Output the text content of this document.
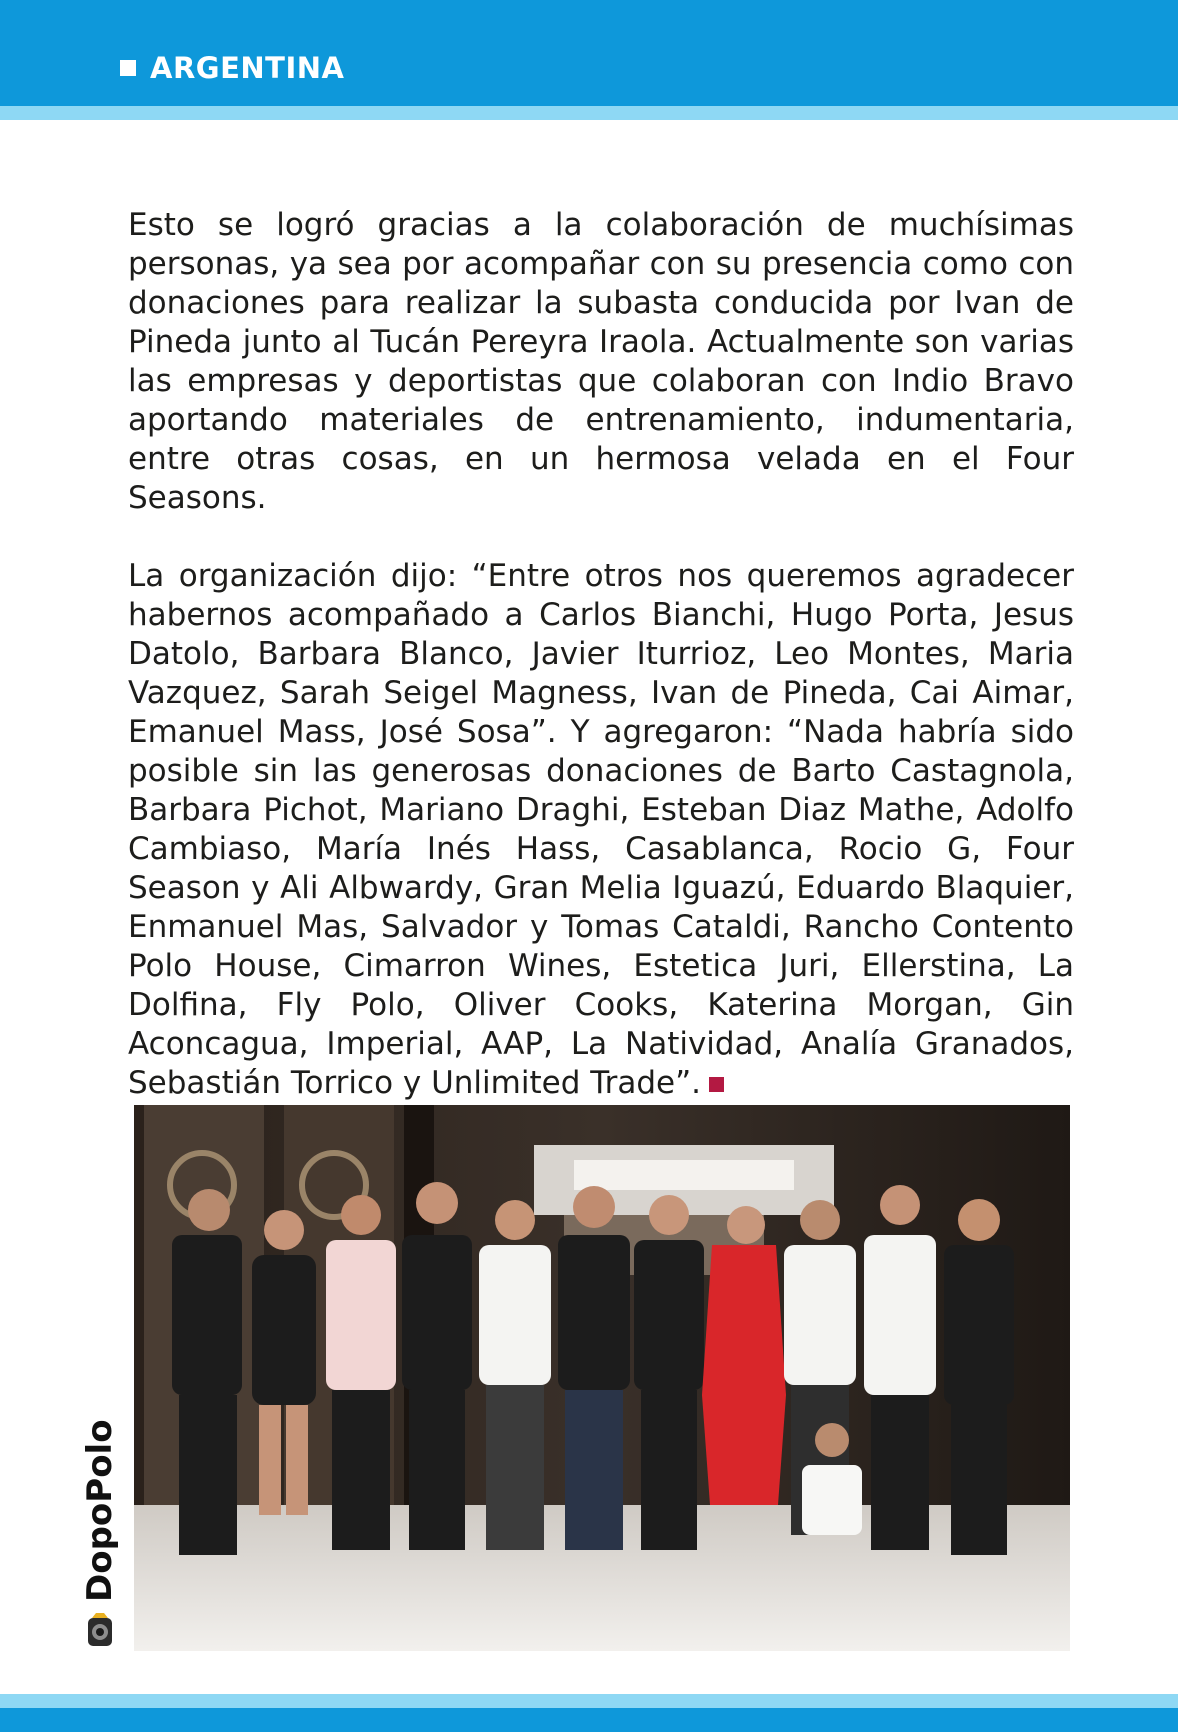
ARGENTINA

Esto se logró gracias a la colaboración de muchísimas personas, ya sea por acompañar con su presencia como con donaciones para realizar la subasta conducida por Ivan de Pineda junto al Tucán Pereyra Iraola. Actualmente son varias las empresas y deportistas que colaboran con Indio Bravo aportando materiales de entrenamiento, indumentaria, entre otras cosas, en un hermosa velada en el Four Seasons.

La organización dijo: “Entre otros nos queremos agradecer habernos acompañado a Carlos Bianchi, Hugo Porta, Jesus Datolo, Barbara Blanco, Javier Iturrioz, Leo Montes, Maria Vazquez, Sarah Seigel Magness, Ivan de Pineda, Cai Aimar, Emanuel Mass, José Sosa”. Y agregaron: “Nada habría sido posible sin las generosas donaciones de Barto Castagnola, Barbara Pichot, Mariano Draghi, Esteban Diaz Mathe, Adolfo Cambiaso, María Inés Hass, Casablanca, Rocio G, Four Season y Ali Albwardy, Gran Melia Iguazú, Eduardo Blaquier, Enmanuel Mas, Salvador y Tomas Cataldi, Rancho Contento Polo House, Cimarron Wines, Estetica Juri, Ellerstina, La Dolfina, Fly Polo, Oliver Cooks, Katerina Morgan, Gin Aconcagua, Imperial, AAP, La Natividad, Analía Granados, Sebastián Torrico y Unlimited Trade”.

DopoPolo
